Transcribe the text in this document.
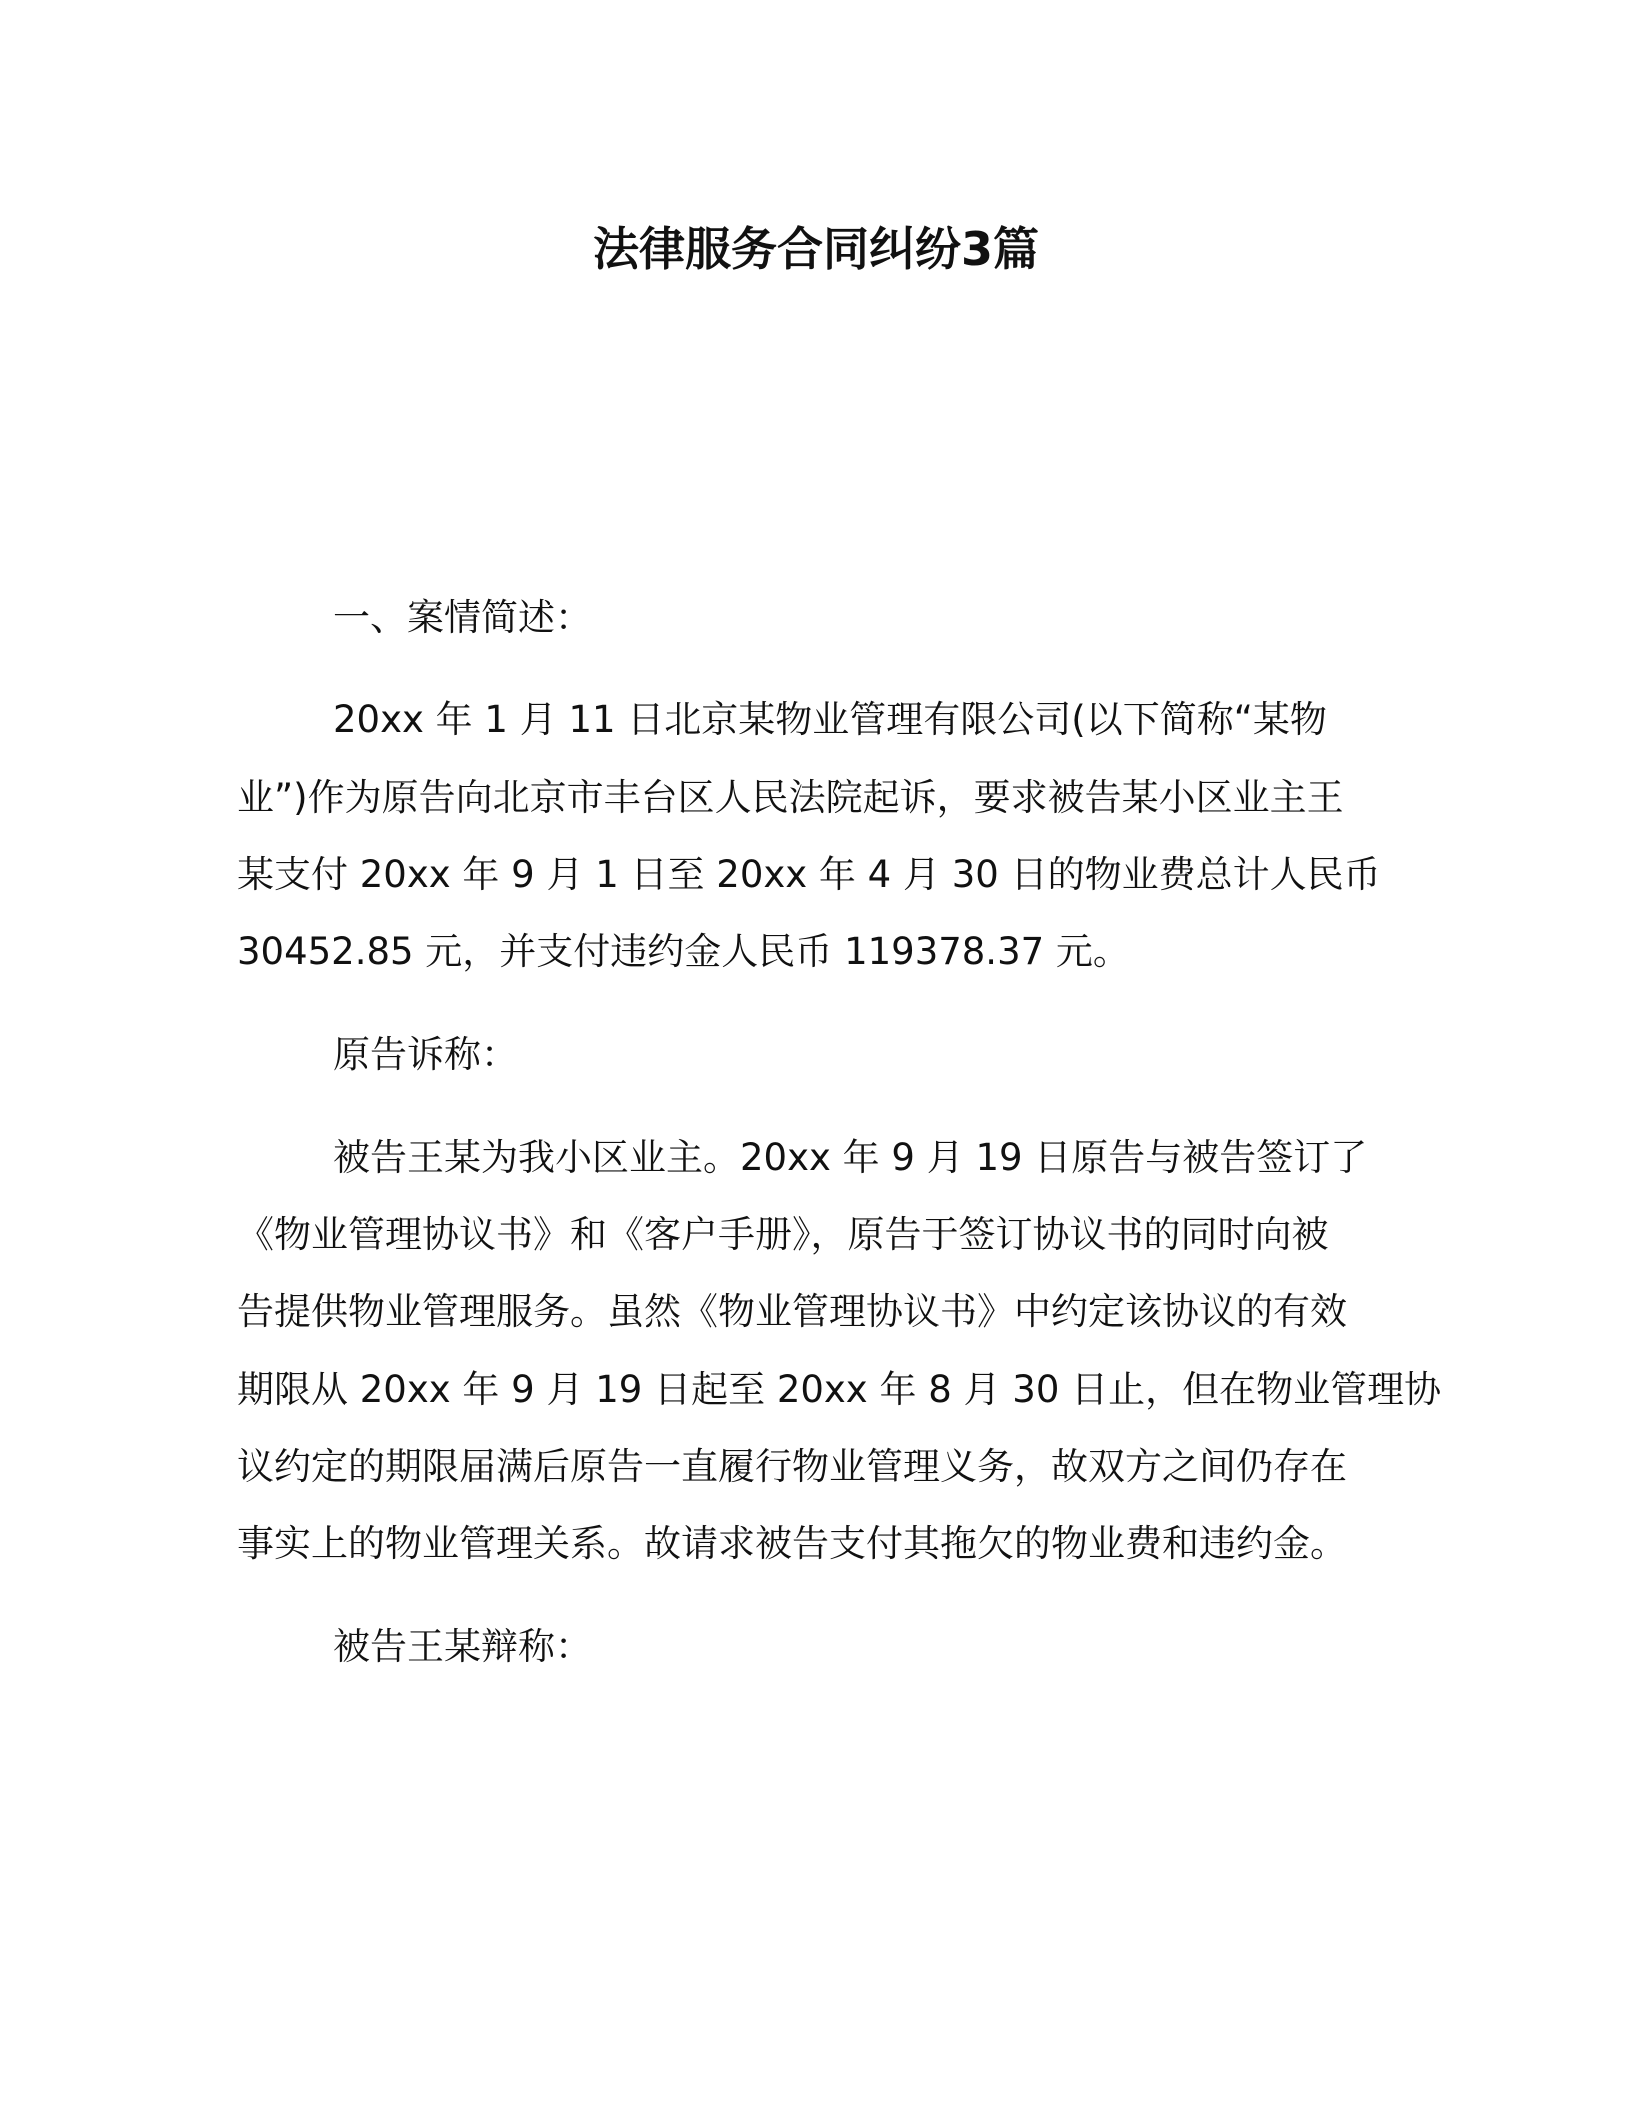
法律服务合同纠纷3篇
一、案情简述：
20xx 年 1 月 11 日北京某物业管理有限公司(以下简称“某物
业”)作为原告向北京市丰台区人民法院起诉，要求被告某小区业主王
某支付 20xx 年 9 月 1 日至 20xx 年 4 月 30 日的物业费总计人民币
30452.85 元，并支付违约金人民币 119378.37 元。
原告诉称：
被告王某为我小区业主。20xx 年 9 月 19 日原告与被告签订了
《物业管理协议书》和《客户手册》，原告于签订协议书的同时向被
告提供物业管理服务。虽然《物业管理协议书》中约定该协议的有效
期限从 20xx 年 9 月 19 日起至 20xx 年 8 月 30 日止，但在物业管理协
议约定的期限届满后原告一直履行物业管理义务，故双方之间仍存在
事实上的物业管理关系。故请求被告支付其拖欠的物业费和违约金。
被告王某辩称：
